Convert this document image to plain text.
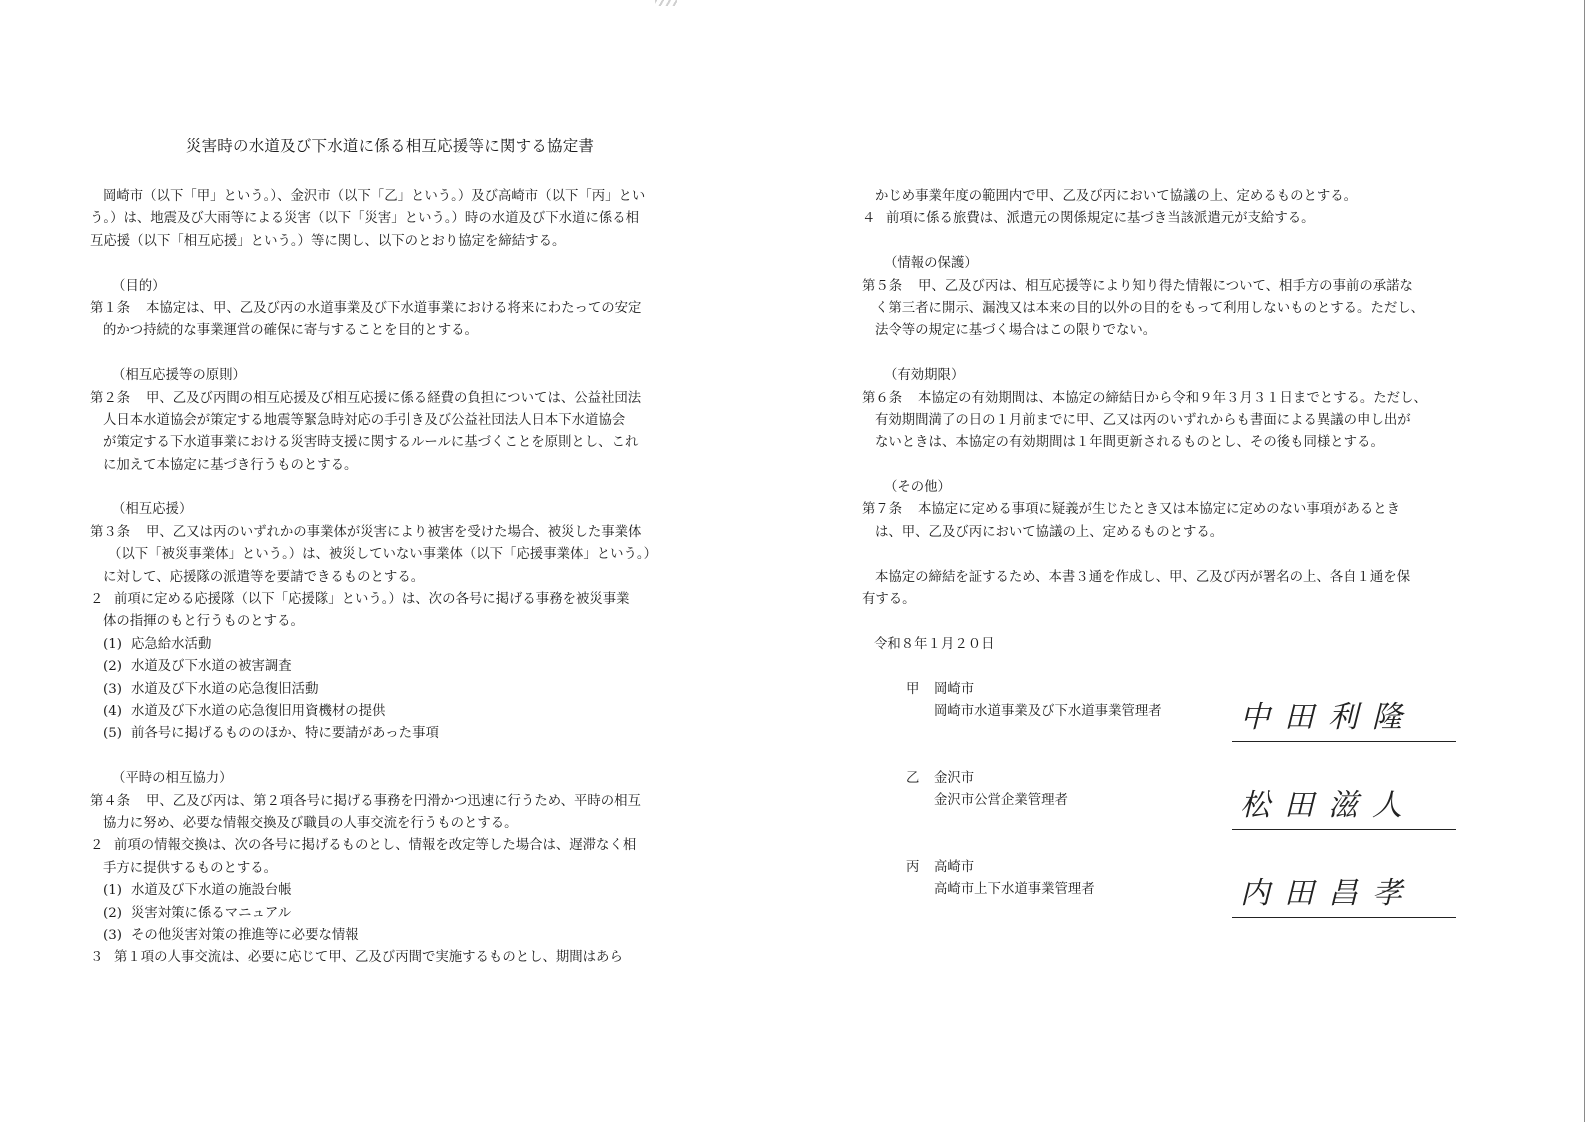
災害時の水道及び下水道に係る相互応援等に関する協定書
岡崎市（以下「甲」という。）、金沢市（以下「乙」という。）及び高崎市（以下「丙」とい
う。）は、地震及び大雨等による災害（以下「災害」という。）時の水道及び下水道に係る相
互応援（以下「相互応援」という。）等に関し、以下のとおり協定を締結する。
（目的）
第１条 本協定は、甲、乙及び丙の水道事業及び下水道事業における将来にわたっての安定
的かつ持続的な事業運営の確保に寄与することを目的とする。
（相互応援等の原則）
第２条 甲、乙及び丙間の相互応援及び相互応援に係る経費の負担については、公益社団法
人日本水道協会が策定する地震等緊急時対応の手引き及び公益社団法人日本下水道協会
が策定する下水道事業における災害時支援に関するルールに基づくことを原則とし、これ
に加えて本協定に基づき行うものとする。
（相互応援）
第３条 甲、乙又は丙のいずれかの事業体が災害により被害を受けた場合、被災した事業体
（以下「被災事業体」という。）は、被災していない事業体（以下「応援事業体」という。）
に対して、応援隊の派遣等を要請できるものとする。
２ 前項に定める応援隊（以下「応援隊」という。）は、次の各号に掲げる事務を被災事業
体の指揮のもと行うものとする。
(1) 応急給水活動
(2) 水道及び下水道の被害調査
(3) 水道及び下水道の応急復旧活動
(4) 水道及び下水道の応急復旧用資機材の提供
(5) 前各号に掲げるもののほか、特に要請があった事項
（平時の相互協力）
第４条 甲、乙及び丙は、第２項各号に掲げる事務を円滑かつ迅速に行うため、平時の相互
協力に努め、必要な情報交換及び職員の人事交流を行うものとする。
２ 前項の情報交換は、次の各号に掲げるものとし、情報を改定等した場合は、遅滞なく相
手方に提供するものとする。
(1) 水道及び下水道の施設台帳
(2) 災害対策に係るマニュアル
(3) その他災害対策の推進等に必要な情報
３ 第１項の人事交流は、必要に応じて甲、乙及び丙間で実施するものとし、期間はあら
かじめ事業年度の範囲内で甲、乙及び丙において協議の上、定めるものとする。
４ 前項に係る旅費は、派遣元の関係規定に基づき当該派遣元が支給する。
（情報の保護）
第５条 甲、乙及び丙は、相互応援等により知り得た情報について、相手方の事前の承諾な
く第三者に開示、漏洩又は本来の目的以外の目的をもって利用しないものとする。ただし、
法令等の規定に基づく場合はこの限りでない。
（有効期限）
第６条 本協定の有効期間は、本協定の締結日から令和９年３月３１日までとする。ただし、
有効期間満了の日の１月前までに甲、乙又は丙のいずれからも書面による異議の申し出が
ないときは、本協定の有効期間は１年間更新されるものとし、その後も同様とする。
（その他）
第７条 本協定に定める事項に疑義が生じたとき又は本協定に定めのない事項があるとき
は、甲、乙及び丙において協議の上、定めるものとする。
本協定の締結を証するため、本書３通を作成し、甲、乙及び丙が署名の上、各自１通を保
有する。
令和８年１月２０日
甲 岡崎市
岡崎市水道事業及び下水道事業管理者	中田利隆
乙 金沢市
金沢市公営企業管理者	松田滋人
丙 高崎市
高崎市上下水道事業管理者	内田昌孝
